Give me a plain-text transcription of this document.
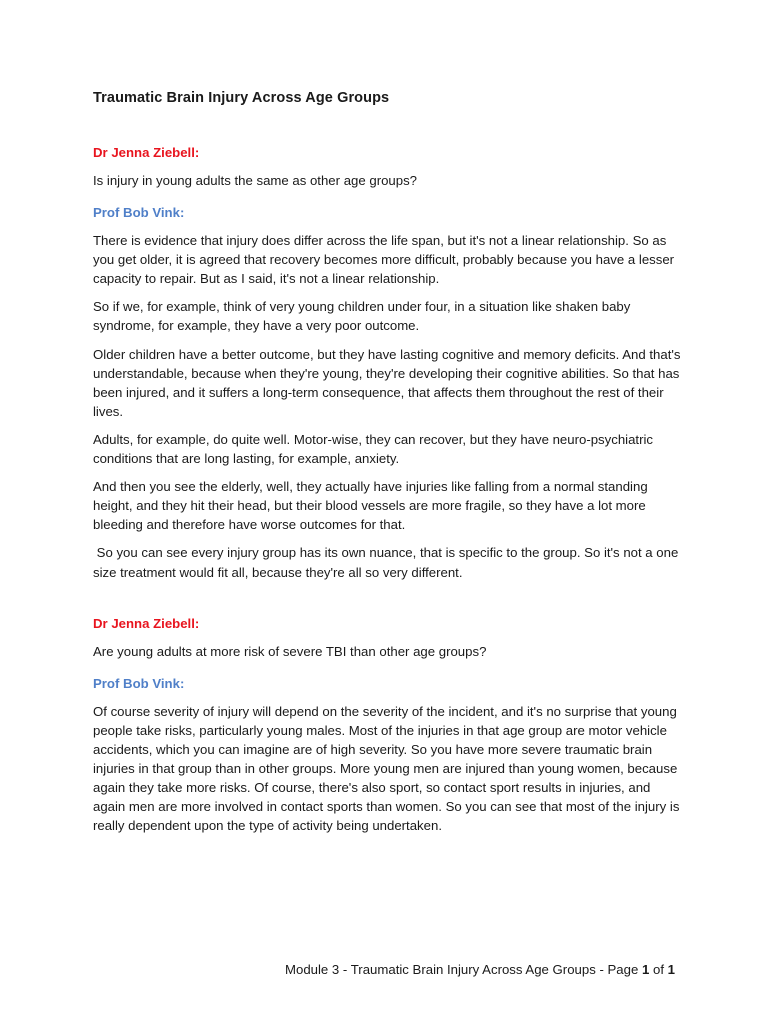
Traumatic Brain Injury Across Age Groups
Dr Jenna Ziebell:

Is injury in young adults the same as other age groups?

Prof Bob Vink:

There is evidence that injury does differ across the life span, but it's not a linear relationship. So as you get older, it is agreed that recovery becomes more difficult, probably because you have a lesser capacity to repair. But as I said, it's not a linear relationship.

So if we, for example, think of very young children under four, in a situation like shaken baby syndrome, for example, they have a very poor outcome.

Older children have a better outcome, but they have lasting cognitive and memory deficits. And that's understandable, because when they're young, they're developing their cognitive abilities. So that has been injured, and it suffers a long-term consequence, that affects them throughout the rest of their lives.

Adults, for example, do quite well. Motor-wise, they can recover, but they have neuro-psychiatric conditions that are long lasting, for example, anxiety.

And then you see the elderly, well, they actually have injuries like falling from a normal standing height, and they hit their head, but their blood vessels are more fragile, so they have a lot more bleeding and therefore have worse outcomes for that.

So you can see every injury group has its own nuance, that is specific to the group. So it's not a one size treatment would fit all, because they're all so very different.

Dr Jenna Ziebell:

Are young adults at more risk of severe TBI than other age groups?

Prof Bob Vink:

Of course severity of injury will depend on the severity of the incident, and it's no surprise that young people take risks, particularly young males. Most of the injuries in that age group are motor vehicle accidents, which you can imagine are of high severity. So you have more severe traumatic brain injuries in that group than in other groups. More young men are injured than young women, because again they take more risks. Of course, there's also sport, so contact sport results in injuries, and again men are more involved in contact sports than women. So you can see that most of the injury is really dependent upon the type of activity being undertaken.

Module 3 - Traumatic Brain Injury Across Age Groups - Page 1 of 1
